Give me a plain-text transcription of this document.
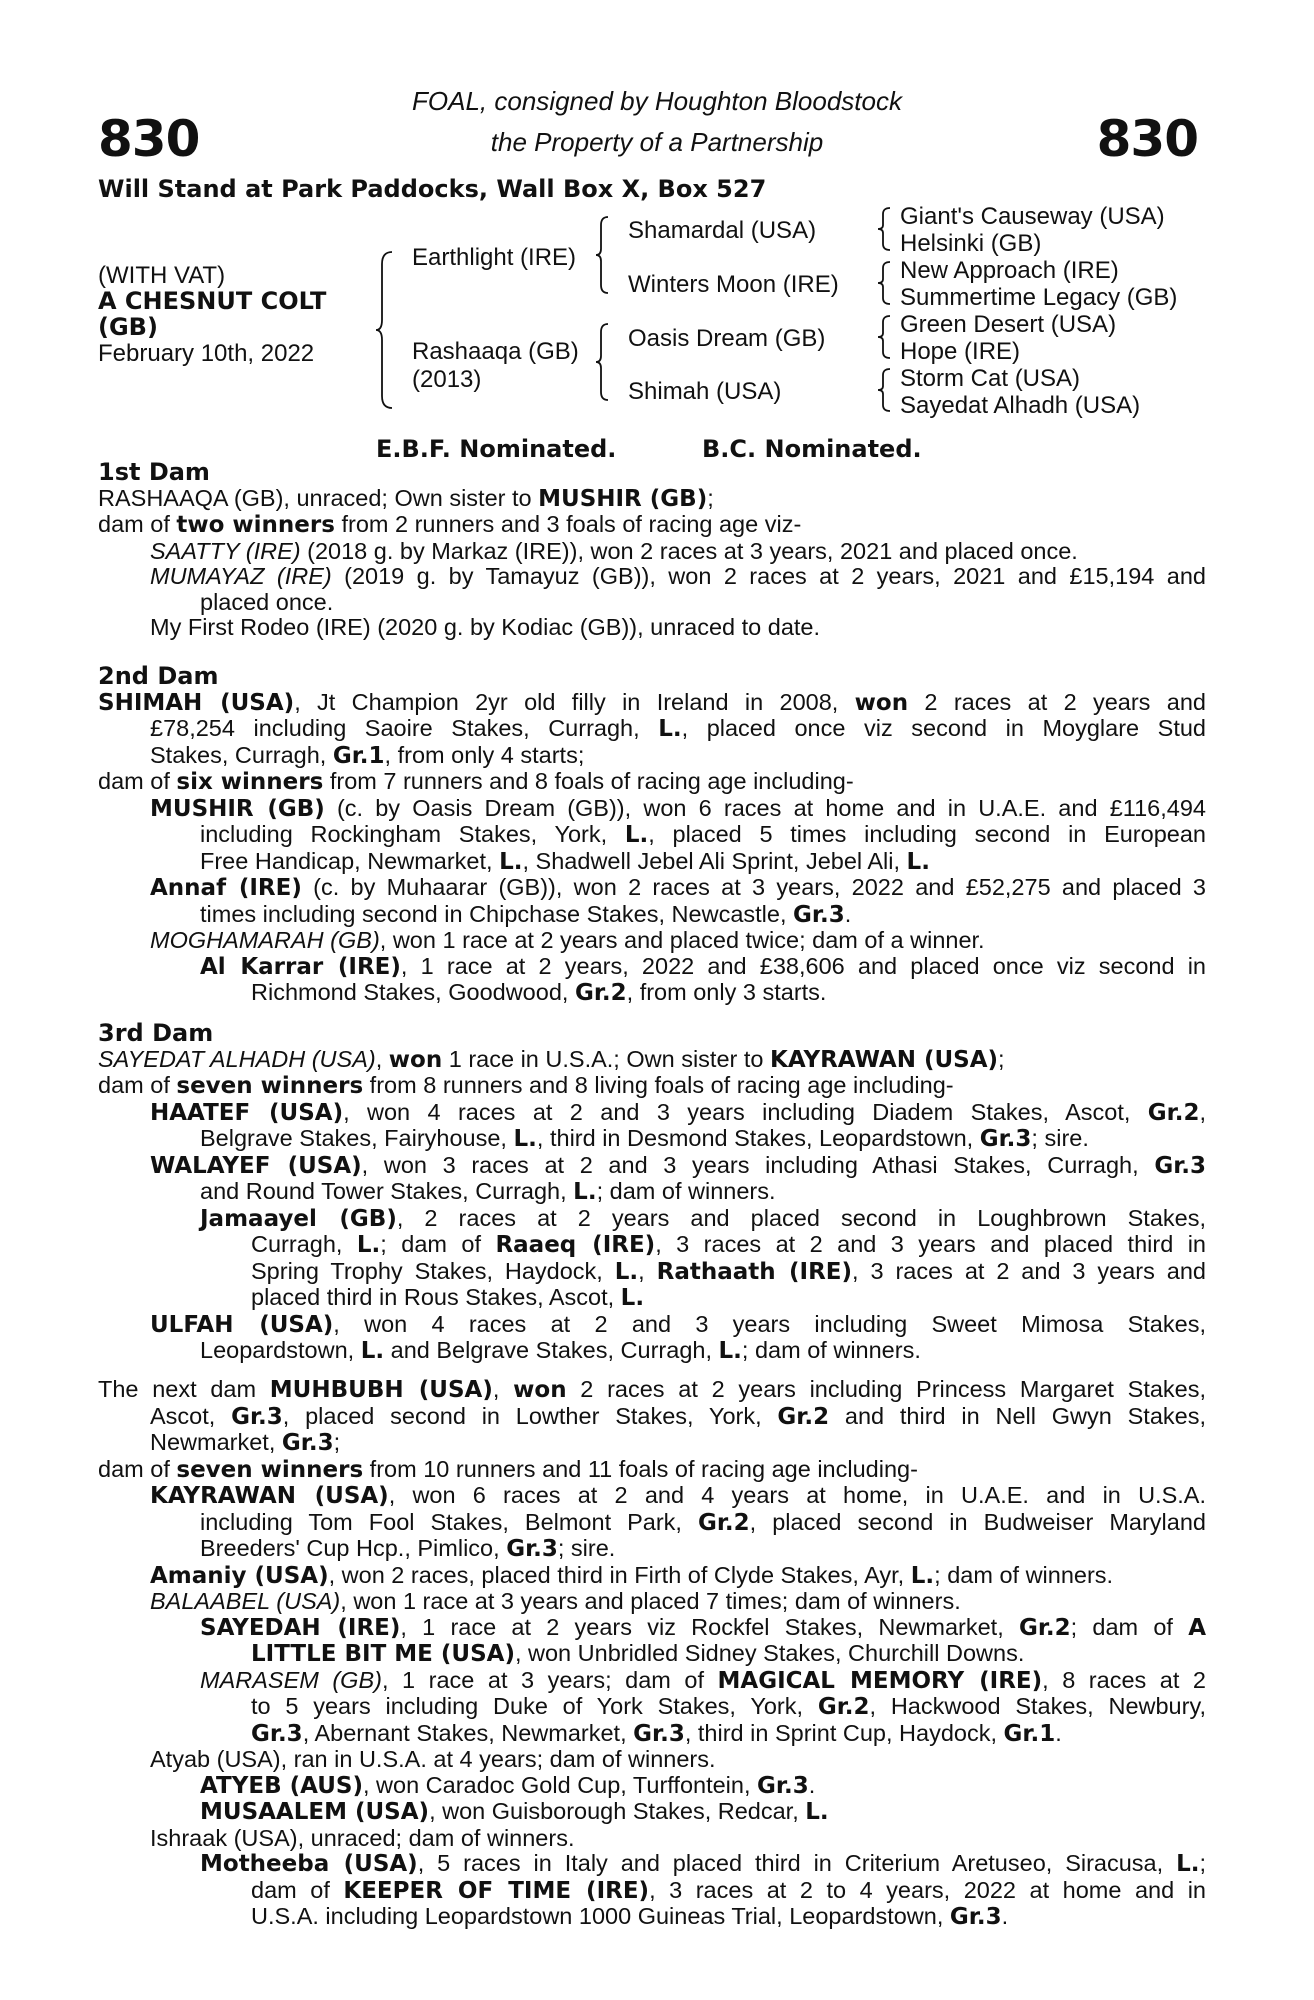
830	830
FOAL, consigned by Houghton Bloodstock
the Property of a Partnership
Will Stand at Park Paddocks, Wall Box X, Box 527
(WITH VAT)
A CHESNUT COLT
(GB)
February 10th, 2022
Earthlight (IRE)
Rashaaqa (GB)
(2013)
Shamardal (USA)
Winters Moon (IRE)
Oasis Dream (GB)
Shimah (USA)
Giant's Causeway (USA)
Helsinki (GB)
New Approach (IRE)
Summertime Legacy (GB)
Green Desert (USA)
Hope (IRE)
Storm Cat (USA)
Sayedat Alhadh (USA)
E.B.F. Nominated.	B.C. Nominated.
1st Dam
RASHAAQA (GB), unraced; Own sister to MUSHIR (GB);
dam of two winners from 2 runners and 3 foals of racing age viz-
SAATTY (IRE) (2018 g. by Markaz (IRE)), won 2 races at 3 years, 2021 and placed once.
MUMAYAZ (IRE) (2019 g. by Tamayuz (GB)), won 2 races at 2 years, 2021 and £15,194 and
placed once.
My First Rodeo (IRE) (2020 g. by Kodiac (GB)), unraced to date.
2nd Dam
SHIMAH (USA), Jt Champion 2yr old filly in Ireland in 2008, won 2 races at 2 years and
£78,254 including Saoire Stakes, Curragh, L., placed once viz second in Moyglare Stud
Stakes, Curragh, Gr.1, from only 4 starts;
dam of six winners from 7 runners and 8 foals of racing age including-
MUSHIR (GB) (c. by Oasis Dream (GB)), won 6 races at home and in U.A.E. and £116,494
including Rockingham Stakes, York, L., placed 5 times including second in European
Free Handicap, Newmarket, L., Shadwell Jebel Ali Sprint, Jebel Ali, L.
Annaf (IRE) (c. by Muhaarar (GB)), won 2 races at 3 years, 2022 and £52,275 and placed 3
times including second in Chipchase Stakes, Newcastle, Gr.3.
MOGHAMARAH (GB), won 1 race at 2 years and placed twice; dam of a winner.
Al Karrar (IRE), 1 race at 2 years, 2022 and £38,606 and placed once viz second in
Richmond Stakes, Goodwood, Gr.2, from only 3 starts.
3rd Dam
SAYEDAT ALHADH (USA), won 1 race in U.S.A.; Own sister to KAYRAWAN (USA);
dam of seven winners from 8 runners and 8 living foals of racing age including-
HAATEF (USA), won 4 races at 2 and 3 years including Diadem Stakes, Ascot, Gr.2,
Belgrave Stakes, Fairyhouse, L., third in Desmond Stakes, Leopardstown, Gr.3; sire.
WALAYEF (USA), won 3 races at 2 and 3 years including Athasi Stakes, Curragh, Gr.3
and Round Tower Stakes, Curragh, L.; dam of winners.
Jamaayel (GB), 2 races at 2 years and placed second in Loughbrown Stakes,
Curragh, L.; dam of Raaeq (IRE), 3 races at 2 and 3 years and placed third in
Spring Trophy Stakes, Haydock, L., Rathaath (IRE), 3 races at 2 and 3 years and
placed third in Rous Stakes, Ascot, L.
ULFAH (USA), won 4 races at 2 and 3 years including Sweet Mimosa Stakes,
Leopardstown, L. and Belgrave Stakes, Curragh, L.; dam of winners.
The next dam MUHBUBH (USA), won 2 races at 2 years including Princess Margaret Stakes,
Ascot, Gr.3, placed second in Lowther Stakes, York, Gr.2 and third in Nell Gwyn Stakes,
Newmarket, Gr.3;
dam of seven winners from 10 runners and 11 foals of racing age including-
KAYRAWAN (USA), won 6 races at 2 and 4 years at home, in U.A.E. and in U.S.A.
including Tom Fool Stakes, Belmont Park, Gr.2, placed second in Budweiser Maryland
Breeders' Cup Hcp., Pimlico, Gr.3; sire.
Amaniy (USA), won 2 races, placed third in Firth of Clyde Stakes, Ayr, L.; dam of winners.
BALAABEL (USA), won 1 race at 3 years and placed 7 times; dam of winners.
SAYEDAH (IRE), 1 race at 2 years viz Rockfel Stakes, Newmarket, Gr.2; dam of A
LITTLE BIT ME (USA), won Unbridled Sidney Stakes, Churchill Downs.
MARASEM (GB), 1 race at 3 years; dam of MAGICAL MEMORY (IRE), 8 races at 2
to 5 years including Duke of York Stakes, York, Gr.2, Hackwood Stakes, Newbury,
Gr.3, Abernant Stakes, Newmarket, Gr.3, third in Sprint Cup, Haydock, Gr.1.
Atyab (USA), ran in U.S.A. at 4 years; dam of winners.
ATYEB (AUS), won Caradoc Gold Cup, Turffontein, Gr.3.
MUSAALEM (USA), won Guisborough Stakes, Redcar, L.
Ishraak (USA), unraced; dam of winners.
Motheeba (USA), 5 races in Italy and placed third in Criterium Aretuseo, Siracusa, L.;
dam of KEEPER OF TIME (IRE), 3 races at 2 to 4 years, 2022 at home and in
U.S.A. including Leopardstown 1000 Guineas Trial, Leopardstown, Gr.3.
